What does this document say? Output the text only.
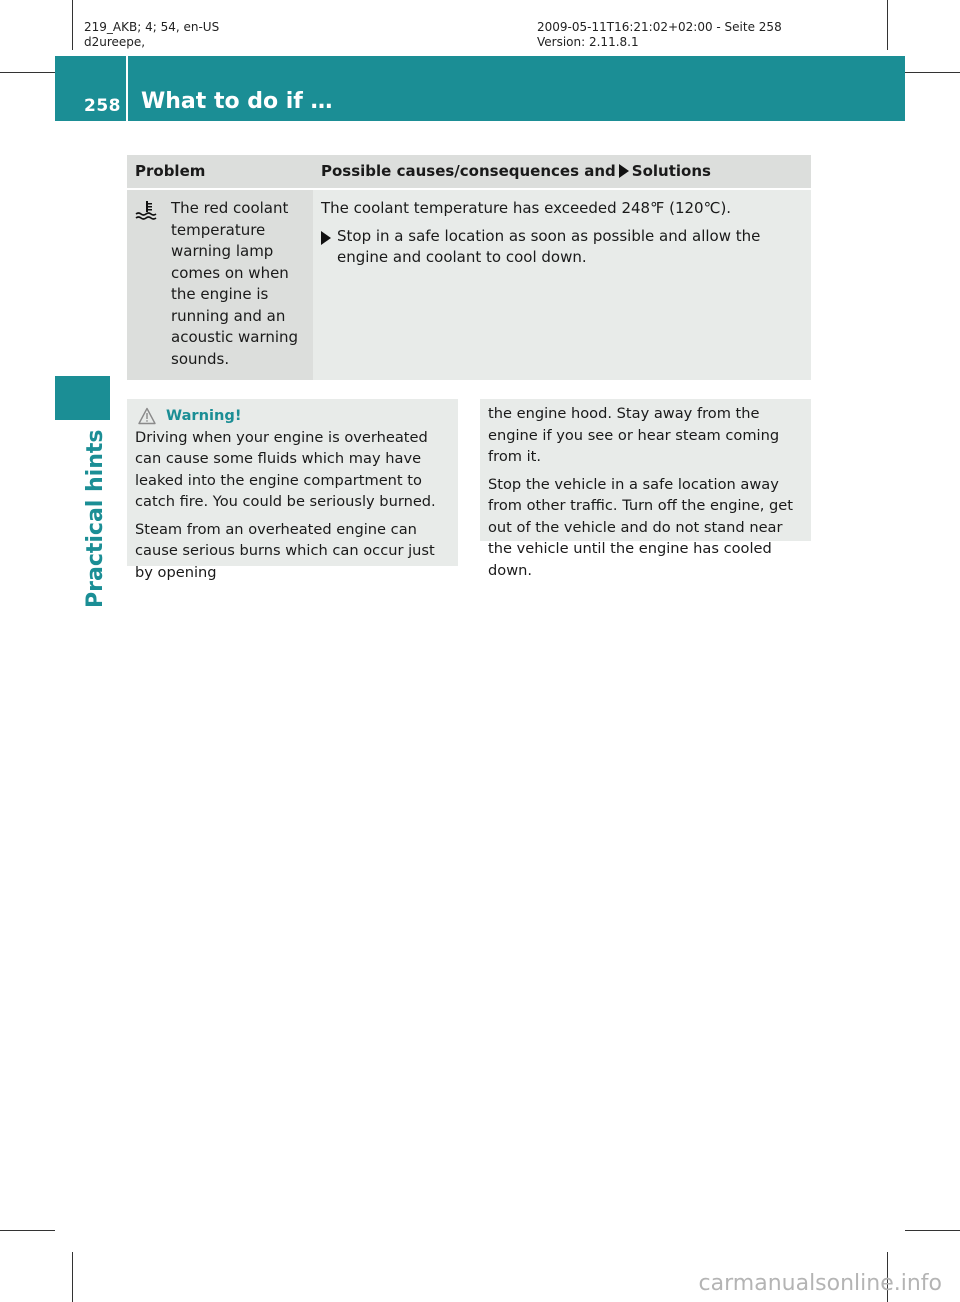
219_AKB; 4; 54, en-US
d2ureepe,
2009-05-11T16:21:02+02:00 - Seite 258
Version: 2.11.8.1
258 What to do if …
Practical hints
Problem	Possible causes/consequences and Solutions

The red coolant temperature warning lamp comes on when the engine is running and an acoustic warning sounds.	The coolant temperature has exceeded 248℉ (120℃).
Stop in a safe location as soon as possible and allow the engine and coolant to cool down.
Warning!

Driving when your engine is overheated can cause some fluids which may have leaked into the engine compartment to catch fire. You could be seriously burned.

Steam from an overheated engine can cause serious burns which can occur just by opening

the engine hood. Stay away from the engine if you see or hear steam coming from it.

Stop the vehicle in a safe location away from other traffic. Turn off the engine, get out of the vehicle and do not stand near the vehicle until the engine has cooled down.

carmanualsonline.info
